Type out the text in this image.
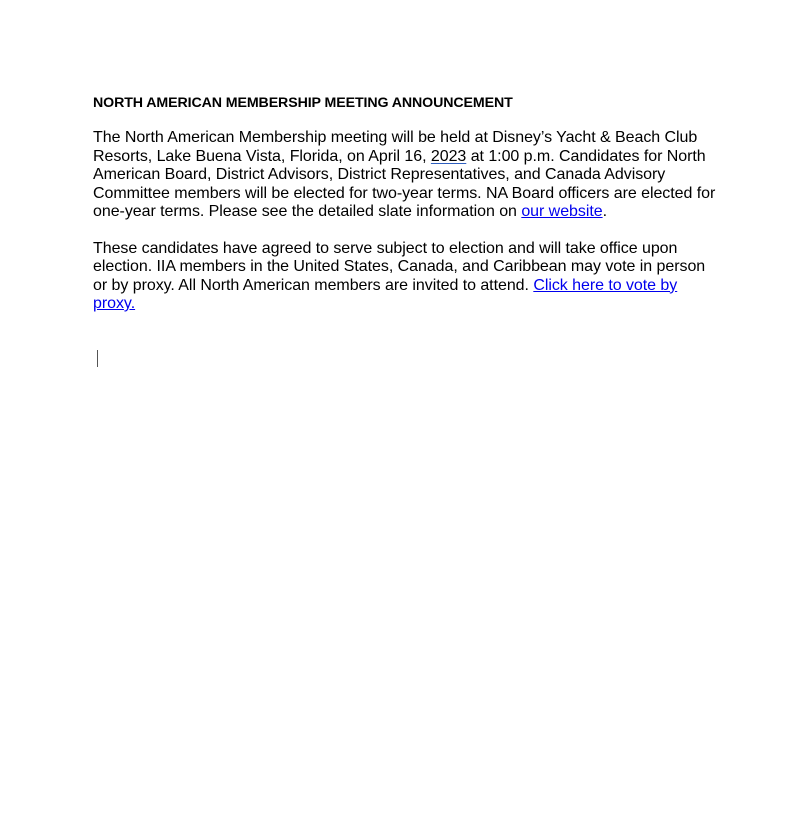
NORTH AMERICAN MEMBERSHIP MEETING ANNOUNCEMENT

The North American Membership meeting will be held at Disney’s Yacht & Beach Club Resorts, Lake Buena Vista, Florida, on April 16, 2023 at 1:00 p.m. Candidates for North American Board, District Advisors, District Representatives, and Canada Advisory Committee members will be elected for two-year terms. NA Board officers are elected for one-year terms. Please see the detailed slate information on our website.

These candidates have agreed to serve subject to election and will take office upon election. IIA members in the United States, Canada, and Caribbean may vote in person or by proxy. All North American members are invited to attend. Click here to vote by proxy.
